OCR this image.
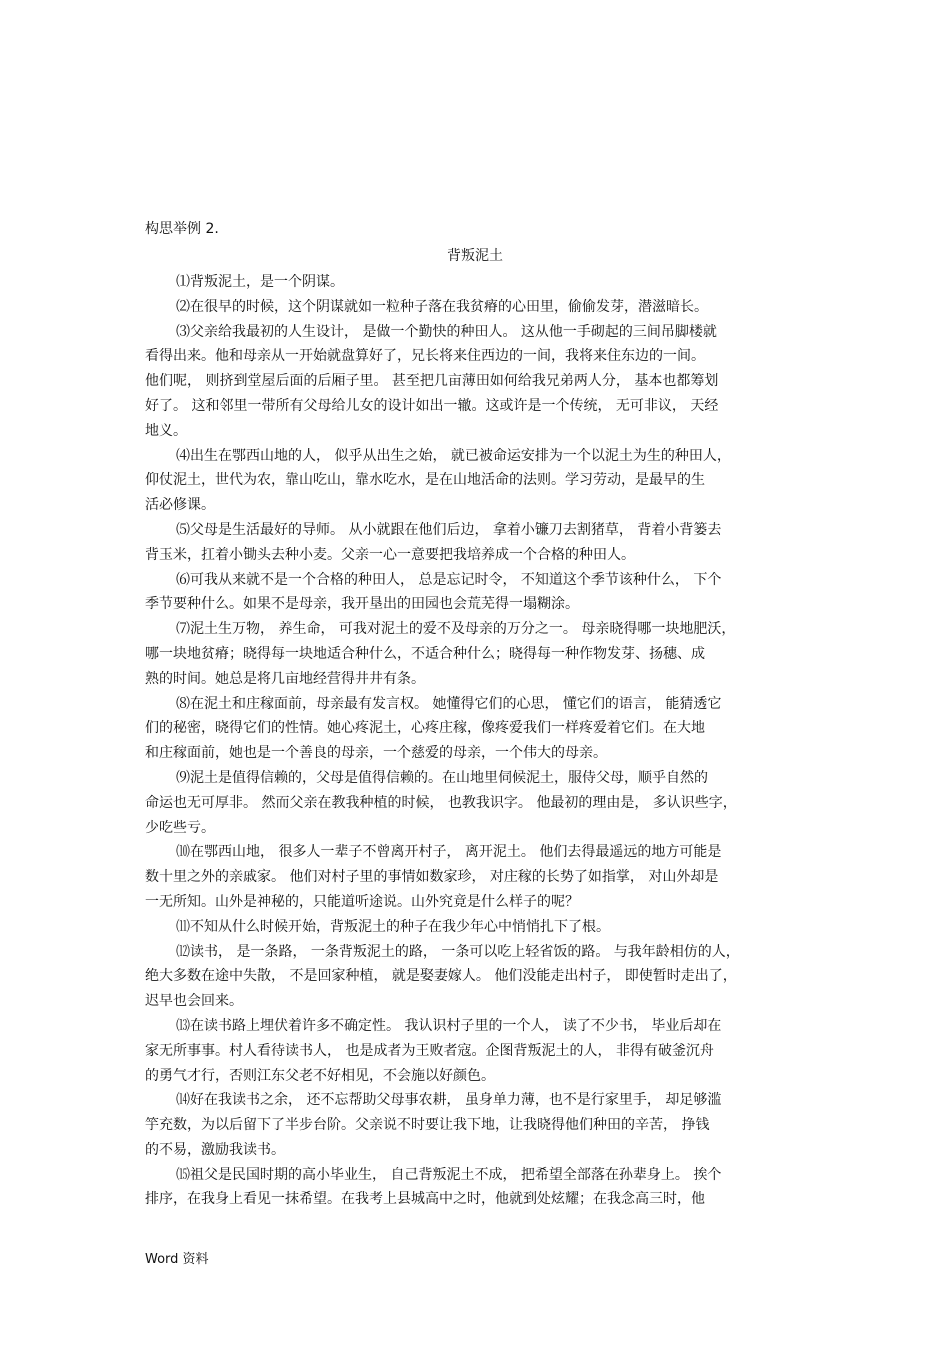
构思举例 2.
背叛泥土
⑴背叛泥土，是一个阴谋。
⑵在很早的时候，这个阴谋就如一粒种子落在我贫瘠的心田里，偷偷发芽，潜滋暗长。
⑶父亲给我最初的人生设计， 是做一个勤快的种田人。 这从他一手砌起的三间吊脚楼就
看得出来。他和母亲从一开始就盘算好了，兄长将来住西边的一间，我将来住东边的一间。
他们呢， 则挤到堂屋后面的后厢子里。 甚至把几亩薄田如何给我兄弟两人分， 基本也都筹划
好了。 这和邻里一带所有父母给儿女的设计如出一辙。这或许是一个传统， 无可非议， 天经
地义。
⑷出生在鄂西山地的人， 似乎从出生之始， 就已被命运安排为一个以泥土为生的种田人，
仰仗泥土，世代为农，靠山吃山，靠水吃水，是在山地活命的法则。学习劳动，是最早的生
活必修课。
⑸父母是生活最好的导师。 从小就跟在他们后边， 拿着小镰刀去割猪草， 背着小背篓去
背玉米，扛着小锄头去种小麦。父亲一心一意要把我培养成一个合格的种田人。
⑹可我从来就不是一个合格的种田人， 总是忘记时令， 不知道这个季节该种什么， 下个
季节要种什么。如果不是母亲，我开垦出的田园也会荒芜得一塌糊涂。
⑺泥土生万物， 养生命， 可我对泥土的爱不及母亲的万分之一。 母亲晓得哪一块地肥沃，
哪一块地贫瘠；晓得每一块地适合种什么，不适合种什么；晓得每一种作物发芽、扬穗、成
熟的时间。她总是将几亩地经营得井井有条。
⑻在泥土和庄稼面前，母亲最有发言权。 她懂得它们的心思， 懂它们的语言， 能猜透它
们的秘密，晓得它们的性情。她心疼泥土，心疼庄稼，像疼爱我们一样疼爱着它们。在大地
和庄稼面前，她也是一个善良的母亲，一个慈爱的母亲，一个伟大的母亲。
⑼泥土是值得信赖的，父母是值得信赖的。在山地里伺候泥土，服侍父母，顺乎自然的
命运也无可厚非。 然而父亲在教我种植的时候， 也教我识字。 他最初的理由是， 多认识些字，
少吃些亏。
⑽在鄂西山地， 很多人一辈子不曾离开村子， 离开泥土。 他们去得最遥远的地方可能是
数十里之外的亲戚家。 他们对村子里的事情如数家珍， 对庄稼的长势了如指掌， 对山外却是
一无所知。山外是神秘的，只能道听途说。山外究竟是什么样子的呢？
⑾不知从什么时候开始，背叛泥土的种子在我少年心中悄悄扎下了根。
⑿读书， 是一条路， 一条背叛泥土的路， 一条可以吃上轻省饭的路。 与我年龄相仿的人，
绝大多数在途中失散， 不是回家种植， 就是娶妻嫁人。 他们没能走出村子， 即使暂时走出了，
迟早也会回来。
⒀在读书路上埋伏着许多不确定性。 我认识村子里的一个人， 读了不少书， 毕业后却在
家无所事事。村人看待读书人， 也是成者为王败者寇。企图背叛泥土的人， 非得有破釜沉舟
的勇气才行，否则江东父老不好相见，不会施以好颜色。
⒁好在我读书之余， 还不忘帮助父母事农耕， 虽身单力薄，也不是行家里手， 却足够滥
竽充数，为以后留下了半步台阶。父亲说不时要让我下地，让我晓得他们种田的辛苦， 挣钱
的不易，激励我读书。
⒂祖父是民国时期的高小毕业生， 自己背叛泥土不成， 把希望全部落在孙辈身上。 挨个
排序，在我身上看见一抹希望。在我考上县城高中之时，他就到处炫耀；在我念高三时，他
Word 资料
